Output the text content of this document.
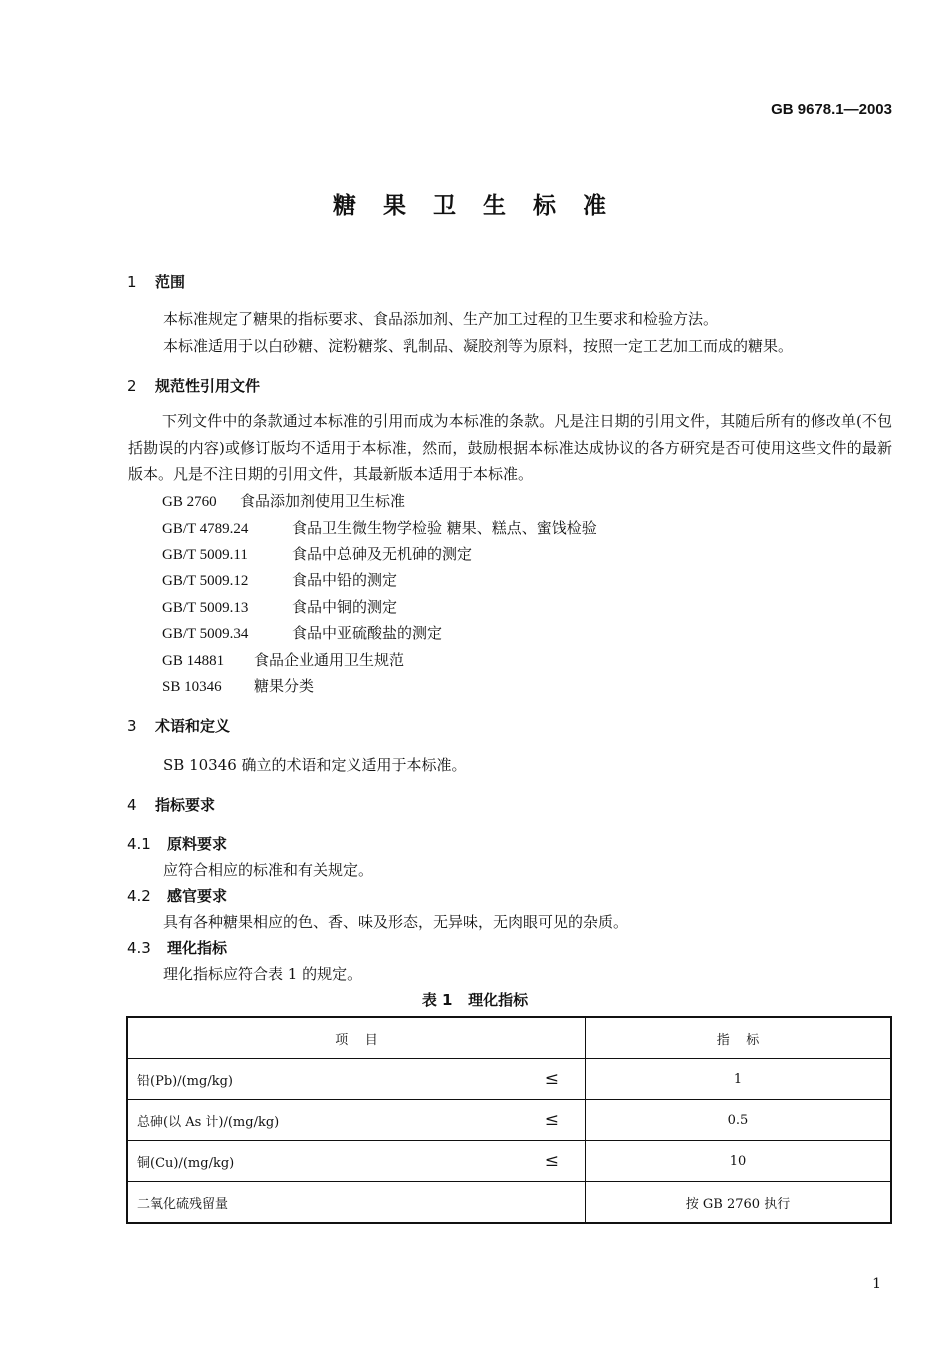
GB 9678.1—2003
糖果卫生标准
1 范围
本标准规定了糖果的指标要求、食品添加剂、生产加工过程的卫生要求和检验方法。
本标准适用于以白砂糖、淀粉糖浆、乳制品、凝胶剂等为原料，按照一定工艺加工而成的糖果。
2 规范性引用文件
下列文件中的条款通过本标准的引用而成为本标准的条款。凡是注日期的引用文件，其随后所有的修改单(不包括勘误的内容)或修订版均不适用于本标准，然而，鼓励根据本标准达成协议的各方研究是否可使用这些文件的最新版本。凡是不注日期的引用文件，其最新版本适用于本标准。
GB 2760 食品添加剂使用卫生标准
GB/T 4789.24	食品卫生微生物学检验 糖果、糕点、蜜饯检验
GB/T 5009.11	食品中总砷及无机砷的测定
GB/T 5009.12	食品中铅的测定
GB/T 5009.13	食品中铜的测定
GB/T 5009.34	食品中亚硫酸盐的测定
GB 14881 食品企业通用卫生规范
SB 10346 糖果分类
3 术语和定义
SB 10346 确立的术语和定义适用于本标准。
4 指标要求
4.1 原料要求
应符合相应的标准和有关规定。
4.2 感官要求
具有各种糖果相应的色、香、味及形态，无异味，无肉眼可见的杂质。
4.3 理化指标
理化指标应符合表 1 的规定。
表 1   理化指标
项    目	指    标
铅(Pb)/(mg/kg) ≤	1
总砷(以 As 计)/(mg/kg) ≤	0.5
铜(Cu)/(mg/kg) ≤	10
二氧化硫残留量	按 GB 2760 执行
1
